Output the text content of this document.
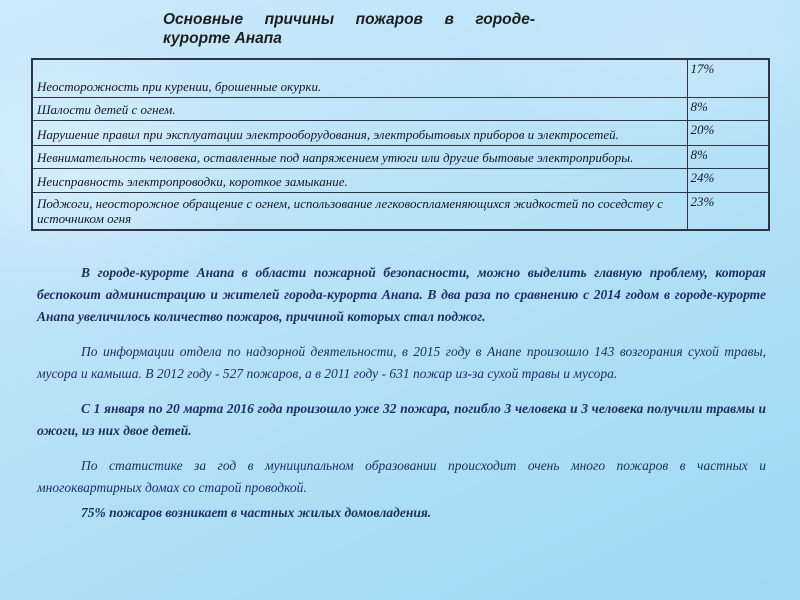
Основные причины пожаров в городе-
курорте Анапа
Неосторожность при курении, брошенные окурки.	17%
Шалости детей с огнем.	8%
Нарушение правил при эксплуатации электрооборудования, электробытовых приборов и электросетей.	20%
Невнимательность человека, оставленные под напряжением утюги или другие бытовые электроприборы.	8%
Неисправность электропроводки, короткое замыкание.	24%
Поджоги, неосторожное обращение с огнем, использование легковоспламеняющихся жидкостей по соседству с источником огня	23%

В городе-курорте Анапа в области пожарной безопасности, можно выделить главную проблему, которая беспокоит администрацию и жителей города-курорта Анапа. В два раза по сравнению с 2014 годом в городе-курорте Анапа увеличилось количество пожаров, причиной которых стал поджог.

По информации отдела по надзорной деятельности, в 2015 году в Анапе произошло 143 возгорания сухой травы, мусора и камыша. В 2012 году - 527 пожаров, а в 2011 году - 631 пожар из-за сухой травы и мусора.

С 1 января по 20 марта 2016 года произошло уже 32 пожара, погибло 3 человека и 3 человека получили травмы и ожоги, из них двое детей.

По статистике за год в муниципальном образовании происходит очень много пожаров в частных и многоквартирных домах со старой проводкой.

75% пожаров возникает в частных жилых домовладения.
